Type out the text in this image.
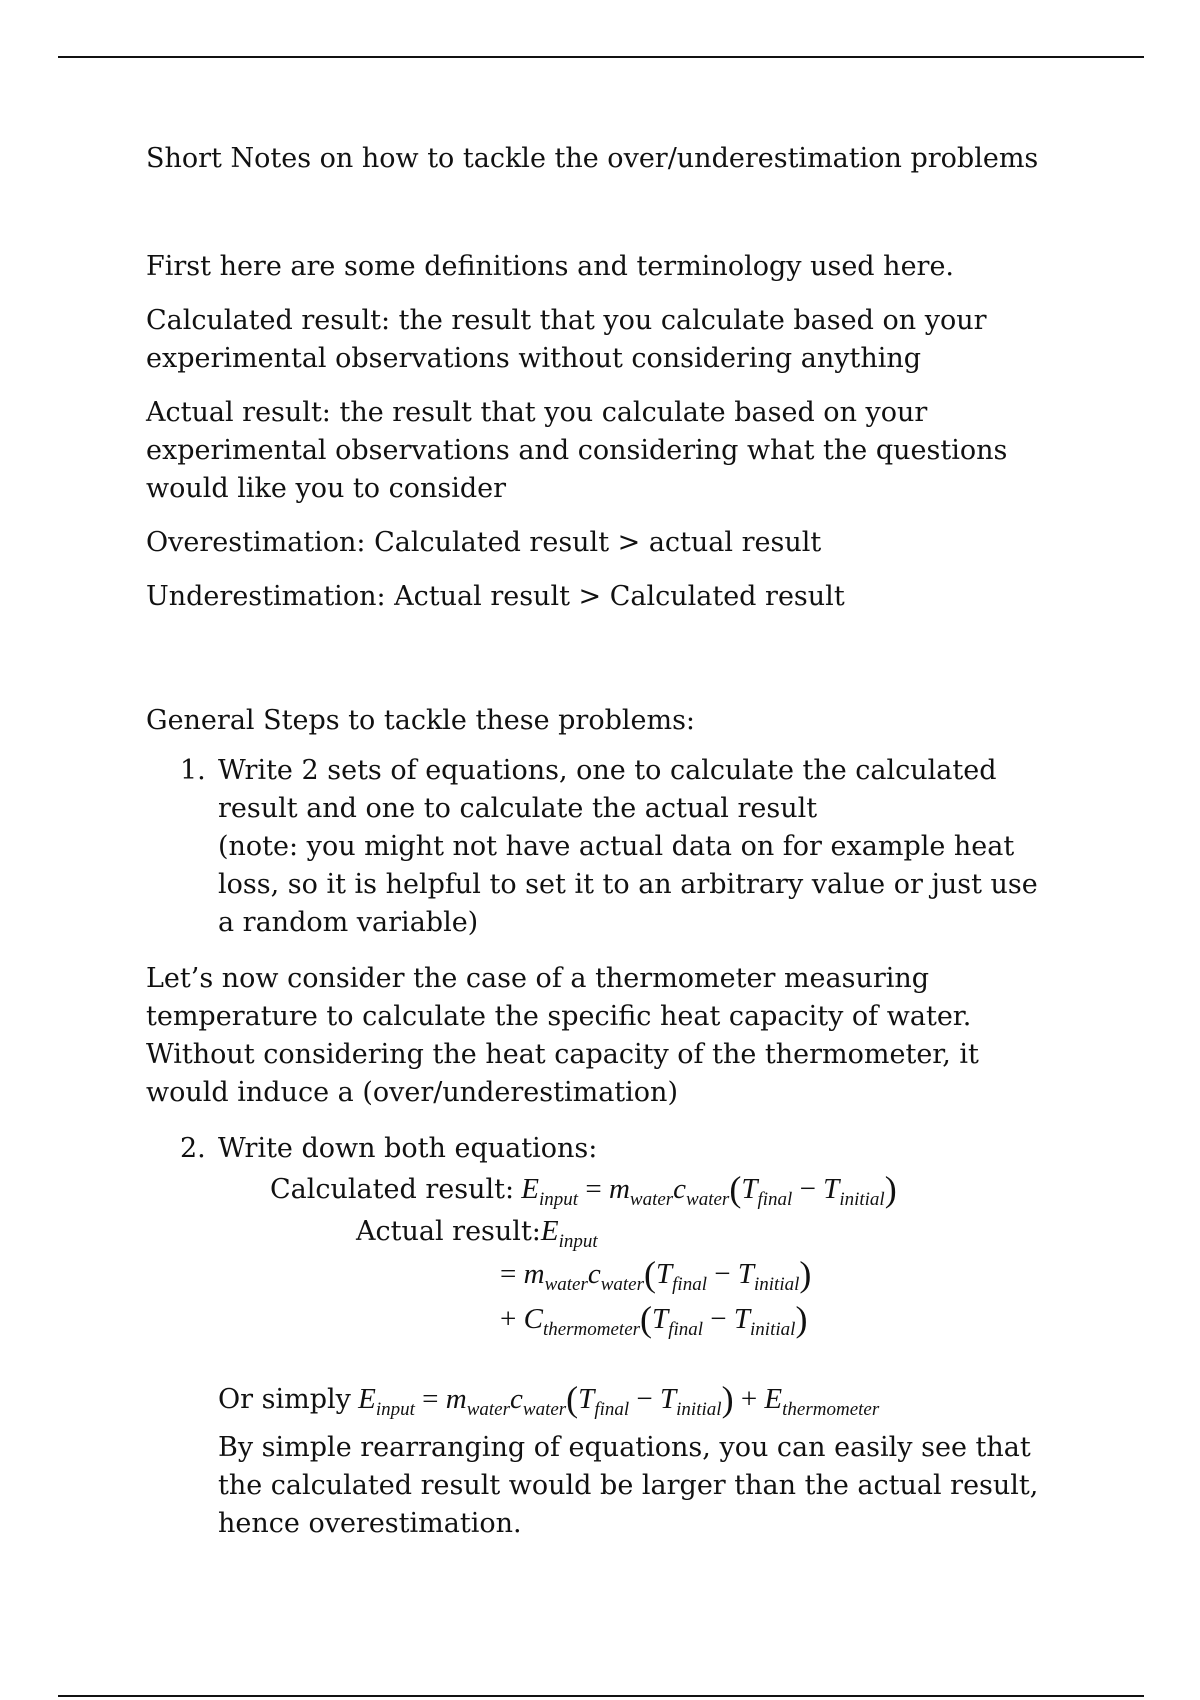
Short Notes on how to tackle the over/underestimation problems

First here are some definitions and terminology used here.

Calculated result: the result that you calculate based on your experimental observations without considering anything

Actual result: the result that you calculate based on your experimental observations and considering what the questions would like you to consider

Overestimation: Calculated result > actual result

Underestimation: Actual result > Calculated result

General Steps to tackle these problems:
1. Write 2 sets of equations, one to calculate the calculated result and one to calculate the actual result
(note: you might not have actual data on for example heat loss, so it is helpful to set it to an arbitrary value or just use a random variable)
Let’s now consider the case of a thermometer measuring temperature to calculate the specific heat capacity of water. Without considering the heat capacity of the thermometer, it would induce a (over/underestimation)
2. Write down both equations:
Calculated result: $E_{input} = m_{water}c_{water}(T_{final} - T_{initial})$
Actual $result:E_{input}$
= $m_{water}c_{water}(T_{final} - T_{initial})$
+ $C_{thermometer}(T_{final} - T_{initial})$
Or simply $E_{input} = m_{water}c_{water}(T_{final} - T_{initial}) + E_{thermometer}$
By simple rearranging of equations, you can easily see that the calculated result would be larger than the actual result, hence overestimation.
